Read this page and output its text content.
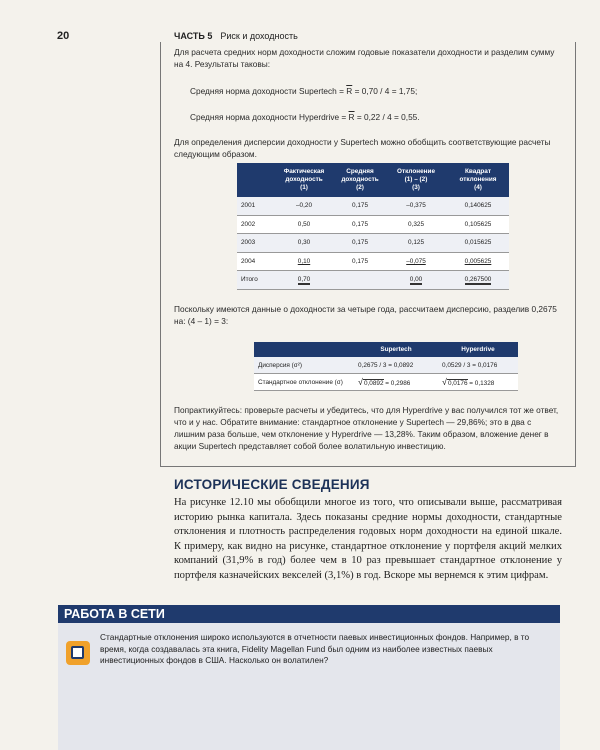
20	ЧАСТЬ 5 Риск и доходность
Для расчета средних норм доходности сложим годовые показатели доходности и разделим сумму на 4. Результаты таковы:
Средняя норма доходности Supertech = $\overline{R} = 0,70 / 4 = 1,75$;
Средняя норма доходности Hyperdrive = $\overline{R} = 0,22 / 4 = 0,55$.
Для определения дисперсии доходности у Supertech можно обобщить соответствующие расчеты следующим образом.
	Фактическая
доходность
(1)	Средняя
доходность
(2)	Отклонение
(1) – (2)
(3)	Квадрат
отклонения
(4)
2001	–0,20	0,175	–0,375	0,140625
2002	0,50	0,175	0,325	0,105625
2003	0,30	0,175	0,125	0,015625
2004	0,10	0,175	–0,075	0,005625
Итого	0,70		0,00	0,267500
Поскольку имеются данные о доходности за четыре года, рассчитаем дисперсию, разделив 0,2675 на: (4 – 1) = 3:
	Supertech	Hyperdrive
Дисперсия (σ²)	0,2675 / 3 = 0,0892	0,0529 / 3 = 0,0176
Стандартное отклонение (σ)	√0,0892 = 0,2986	√0,0176 = 0,1328
Попрактикуйтесь: проверьте расчеты и убедитесь, что для Hyperdrive у вас получился тот же ответ, что и у нас. Обратите внимание: стандартное отклонение у Supertech — 29,86%; это в два с лишним раза больше, чем отклонение у Hyperdrive — 13,28%. Таким образом, вложение денег в акции Supertech представляет собой более волатильную инвестицию.
ИСТОРИЧЕСКИЕ СВЕДЕНИЯ
На рисунке 12.10 мы обобщили многое из того, что описывали выше, рассматривая историю рынка капитала. Здесь показаны средние нормы доходности, стандартные отклонения и плотность распределения годовых норм доходности на единой шкале. К примеру, как видно на рисунке, стандартное отклонение у портфеля акций мелких компаний (31,9% в год) более чем в 10 раз превышает стандартное отклонение у портфеля казначейских векселей (3,1%) в год. Вскоре мы вернемся к этим цифрам.
РАБОТА В СЕТИ
Стандартные отклонения широко используются в отчетности паевых инвестиционных фондов. Например, в то время, когда создавалась эта книга, Fidelity Magellan Fund был одним из наиболее известных паевых инвестиционных фондов в США. Насколько он волатилен?
